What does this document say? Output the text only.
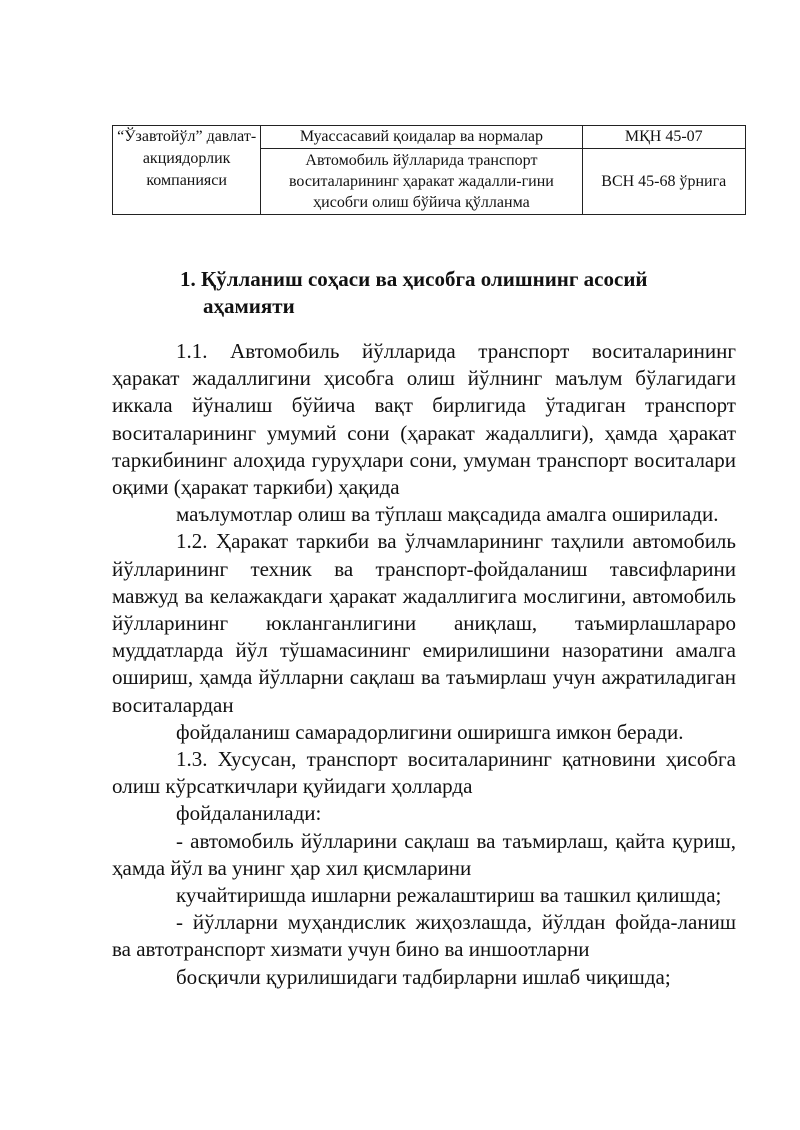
“Ўзавтойўл” давлат-акциядорлик компанияси	Муассасавий қоидалар ва нормалар	МҚН 45-07

	Автомобиль йўлларида транспорт воситаларининг ҳаракат жадалли-гини ҳисобги олиш бўйича қўлланма	ВСН 45-68 ўрнига
1. Қўлланиш соҳаси ва ҳисобга олишнинг асосий
аҳамияти

1.1. Автомобиль йўлларида транспорт воситаларининг ҳаракат жадаллигини ҳисобга олиш йўлнинг маълум бўлагидаги иккала йўналиш бўйича вақт бирлигида ўтадиган транспорт воситаларининг умумий сони (ҳаракат жадаллиги), ҳамда ҳаракат таркибининг алоҳида гуруҳлари сони, умуман транспорт воситалари оқими (ҳаракат таркиби) ҳақида
маълумотлар олиш ва тўплаш мақсадида амалга оширилади.

1.2. Ҳаракат таркиби ва ўлчамларининг таҳлили автомобиль йўлларининг техник ва транспорт-фойдаланиш тавсифларини мавжуд ва келажакдаги ҳаракат жадаллигига мослигини, автомобиль йўлларининг юкланганлигини аниқлаш, таъмирлашлараро муддатларда йўл тўшамасининг емирилишини назоратини амалга ошириш, ҳамда йўлларни сақлаш ва таъмирлаш учун ажратиладиган воситалардан
фойдаланиш самарадорлигини оширишга имкон беради.

1.3. Хусусан, транспорт воситаларининг қатновини ҳисобга олиш кўрсаткичлари қуйидаги ҳолларда
фойдаланилади:

- автомобиль йўлларини сақлаш ва таъмирлаш, қайта қуриш, ҳамда йўл ва унинг ҳар хил қисмларини
кучайтиришда ишларни режалаштириш ва ташкил қилишда;

- йўлларни муҳандислик жиҳозлашда, йўлдан фойда-ланиш ва автотранспорт хизмати учун бино ва иншоотларни
босқичли қурилишидаги тадбирларни ишлаб чиқишда;
